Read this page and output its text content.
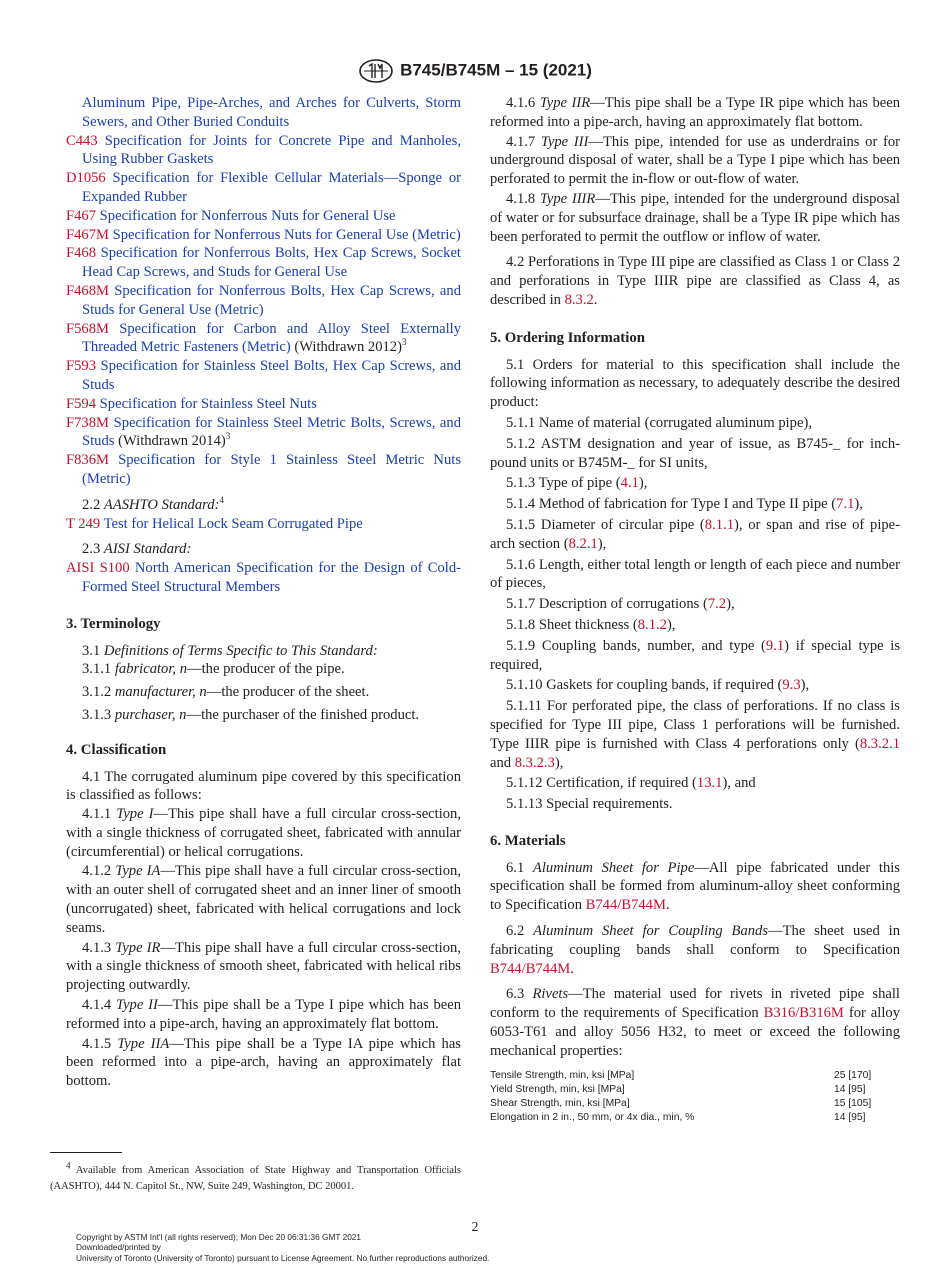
B745/B745M – 15 (2021)

Aluminum Pipe, Pipe-Arches, and Arches for Culverts, Storm Sewers, and Other Buried Conduits

C443 Specification for Joints for Concrete Pipe and Manholes, Using Rubber Gaskets

D1056 Specification for Flexible Cellular Materials—Sponge or Expanded Rubber

F467 Specification for Nonferrous Nuts for General Use

F467M Specification for Nonferrous Nuts for General Use (Metric)

F468 Specification for Nonferrous Bolts, Hex Cap Screws, Socket Head Cap Screws, and Studs for General Use

F468M Specification for Nonferrous Bolts, Hex Cap Screws, and Studs for General Use (Metric)

F568M Specification for Carbon and Alloy Steel Externally Threaded Metric Fasteners (Metric) (Withdrawn 2012)$^3$

F593 Specification for Stainless Steel Bolts, Hex Cap Screws, and Studs

F594 Specification for Stainless Steel Nuts

F738M Specification for Stainless Steel Metric Bolts, Screws, and Studs (Withdrawn 2014)$^3$

F836M Specification for Style 1 Stainless Steel Metric Nuts (Metric)

2.2 AASHTO Standard:$^4$

T 249 Test for Helical Lock Seam Corrugated Pipe

2.3 AISI Standard:

AISI S100 North American Specification for the Design of Cold-Formed Steel Structural Members

3. Terminology

3.1 Definitions of Terms Specific to This Standard:

3.1.1 fabricator, n—the producer of the pipe.

3.1.2 manufacturer, n—the producer of the sheet.

3.1.3 purchaser, n—the purchaser of the finished product.

4. Classification

4.1 The corrugated aluminum pipe covered by this specification is classified as follows:

4.1.1 Type I—This pipe shall have a full circular cross-section, with a single thickness of corrugated sheet, fabricated with annular (circumferential) or helical corrugations.

4.1.2 Type IA—This pipe shall have a full circular cross-section, with an outer shell of corrugated sheet and an inner liner of smooth (uncorrugated) sheet, fabricated with helical corrugations and lock seams.

4.1.3 Type IR—This pipe shall have a full circular cross-section, with a single thickness of smooth sheet, fabricated with helical ribs projecting outwardly.

4.1.4 Type II—This pipe shall be a Type I pipe which has been reformed into a pipe-arch, having an approximately flat bottom.

4.1.5 Type IIA—This pipe shall be a Type IA pipe which has been reformed into a pipe-arch, having an approximately flat bottom.

4.1.6 Type IIR—This pipe shall be a Type IR pipe which has been reformed into a pipe-arch, having an approximately flat bottom.

4.1.7 Type III—This pipe, intended for use as underdrains or for underground disposal of water, shall be a Type I pipe which has been perforated to permit the in-flow or out-flow of water.

4.1.8 Type IIIR—This pipe, intended for the underground disposal of water or for subsurface drainage, shall be a Type IR pipe which has been perforated to permit the outflow or inflow of water.

4.2 Perforations in Type III pipe are classified as Class 1 or Class 2 and perforations in Type IIIR pipe are classified as Class 4, as described in 8.3.2.

5. Ordering Information

5.1 Orders for material to this specification shall include the following information as necessary, to adequately describe the desired product:

5.1.1 Name of material (corrugated aluminum pipe),

5.1.2 ASTM designation and year of issue, as B745-_ for inch-pound units or B745M-_ for SI units,

5.1.3 Type of pipe (4.1),

5.1.4 Method of fabrication for Type I and Type II pipe (7.1),

5.1.5 Diameter of circular pipe (8.1.1), or span and rise of pipe-arch section (8.2.1),

5.1.6 Length, either total length or length of each piece and number of pieces,

5.1.7 Description of corrugations (7.2),

5.1.8 Sheet thickness (8.1.2),

5.1.9 Coupling bands, number, and type (9.1) if special type is required,

5.1.10 Gaskets for coupling bands, if required (9.3),

5.1.11 For perforated pipe, the class of perforations. If no class is specified for Type III pipe, Class 1 perforations will be furnished. Type IIIR pipe is furnished with Class 4 perforations only (8.3.2.1 and 8.3.2.3),

5.1.12 Certification, if required (13.1), and

5.1.13 Special requirements.

6. Materials

6.1 Aluminum Sheet for Pipe—All pipe fabricated under this specification shall be formed from aluminum-alloy sheet conforming to Specification B744/B744M.

6.2 Aluminum Sheet for Coupling Bands—The sheet used in fabricating coupling bands shall conform to Specification B744/B744M.

6.3 Rivets—The material used for rivets in riveted pipe shall conform to the requirements of Specification B316/B316M for alloy 6053-T61 and alloy 5056 H32, to meet or exceed the following mechanical properties:

Tensile Strength, min, ksi [MPa]	25 [170]
Yield Strength, min, ksi [MPa]	14 [95]
Shear Strength, min, ksi [MPa]	15 [105]
Elongation in 2 in., 50 mm, or 4x dia., min, %	14 [95]

$^4$ Available from American Association of State Highway and Transportation Officials (AASHTO), 444 N. Capitol St., NW, Suite 249, Washington, DC 20001.

2
Copyright by ASTM Int'l (all rights reserved); Mon Dec 20 06:31:36 GMT 2021
Downloaded/printed by
University of Toronto (University of Toronto) pursuant to License Agreement. No further reproductions authorized.
